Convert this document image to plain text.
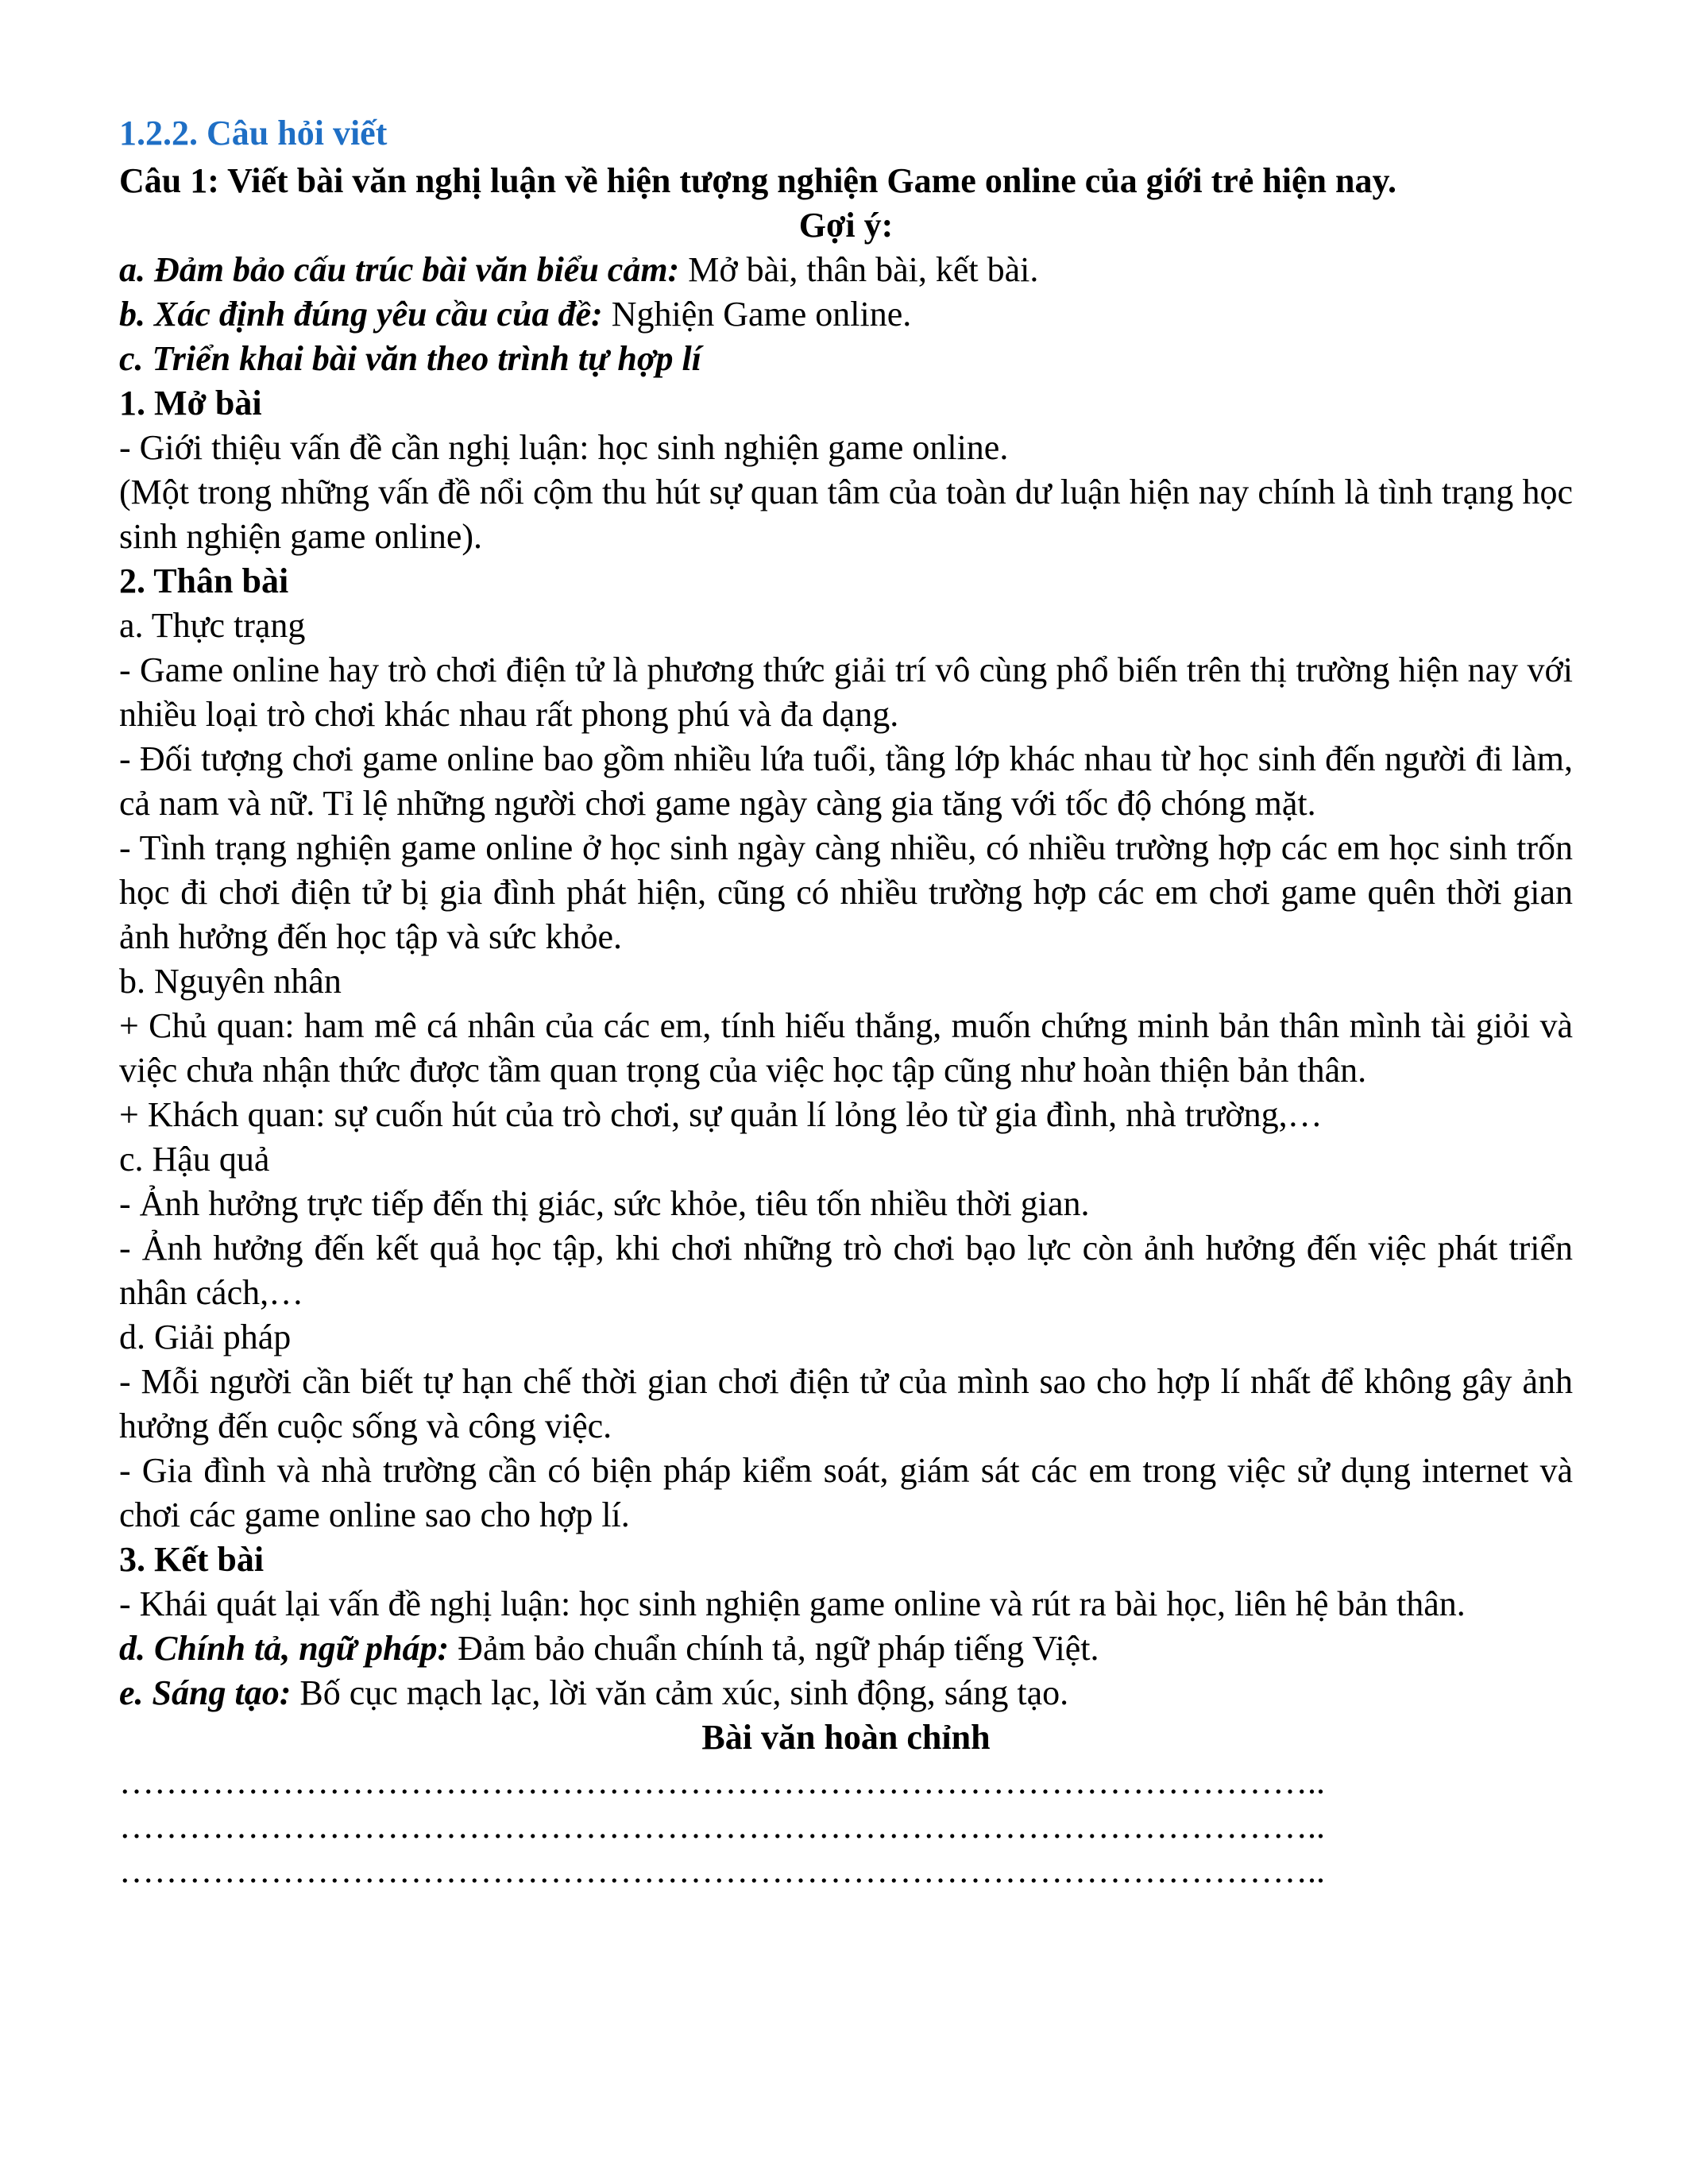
1.2.2. Câu hỏi viết

Câu 1: Viết bài văn nghị luận về hiện tượng nghiện Game online của giới trẻ hiện nay.

Gợi ý:

a. Đảm bảo cấu trúc bài văn biểu cảm: Mở bài, thân bài, kết bài.

b. Xác định đúng yêu cầu của đề: Nghiện Game online.

c. Triển khai bài văn theo trình tự hợp lí

1. Mở bài

- Giới thiệu vấn đề cần nghị luận: học sinh nghiện game online.

(Một trong những vấn đề nổi cộm thu hút sự quan tâm của toàn dư luận hiện nay chính là tình trạng học sinh nghiện game online).

2. Thân bài

a. Thực trạng

- Game online hay trò chơi điện tử là phương thức giải trí vô cùng phổ biến trên thị trường hiện nay với nhiều loại trò chơi khác nhau rất phong phú và đa dạng.

- Đối tượng chơi game online bao gồm nhiều lứa tuổi, tầng lớp khác nhau từ học sinh đến người đi làm, cả nam và nữ. Tỉ lệ những người chơi game ngày càng gia tăng với tốc độ chóng mặt.

- Tình trạng nghiện game online ở học sinh ngày càng nhiều, có nhiều trường hợp các em học sinh trốn học đi chơi điện tử bị gia đình phát hiện, cũng có nhiều trường hợp các em chơi game quên thời gian ảnh hưởng đến học tập và sức khỏe.

b. Nguyên nhân

+ Chủ quan: ham mê cá nhân của các em, tính hiếu thắng, muốn chứng minh bản thân mình tài giỏi và việc chưa nhận thức được tầm quan trọng của việc học tập cũng như hoàn thiện bản thân.

+ Khách quan: sự cuốn hút của trò chơi, sự quản lí lỏng lẻo từ gia đình, nhà trường,…

c. Hậu quả

- Ảnh hưởng trực tiếp đến thị giác, sức khỏe, tiêu tốn nhiều thời gian.

- Ảnh hưởng đến kết quả học tập, khi chơi những trò chơi bạo lực còn ảnh hưởng đến việc phát triển nhân cách,…

d. Giải pháp

- Mỗi người cần biết tự hạn chế thời gian chơi điện tử của mình sao cho hợp lí nhất để không gây ảnh hưởng đến cuộc sống và công việc.

- Gia đình và nhà trường cần có biện pháp kiểm soát, giám sát các em trong việc sử dụng internet và chơi các game online sao cho hợp lí.

3. Kết bài

- Khái quát lại vấn đề nghị luận: học sinh nghiện game online và rút ra bài học, liên hệ bản thân.

d. Chính tả, ngữ pháp: Đảm bảo chuẩn chính tả, ngữ pháp tiếng Việt.

e. Sáng tạo: Bố cục mạch lạc, lời văn cảm xúc, sinh động, sáng tạo.

Bài văn hoàn chỉnh

…………………………………………………………………………………………..

…………………………………………………………………………………………..

…………………………………………………………………………………………..
